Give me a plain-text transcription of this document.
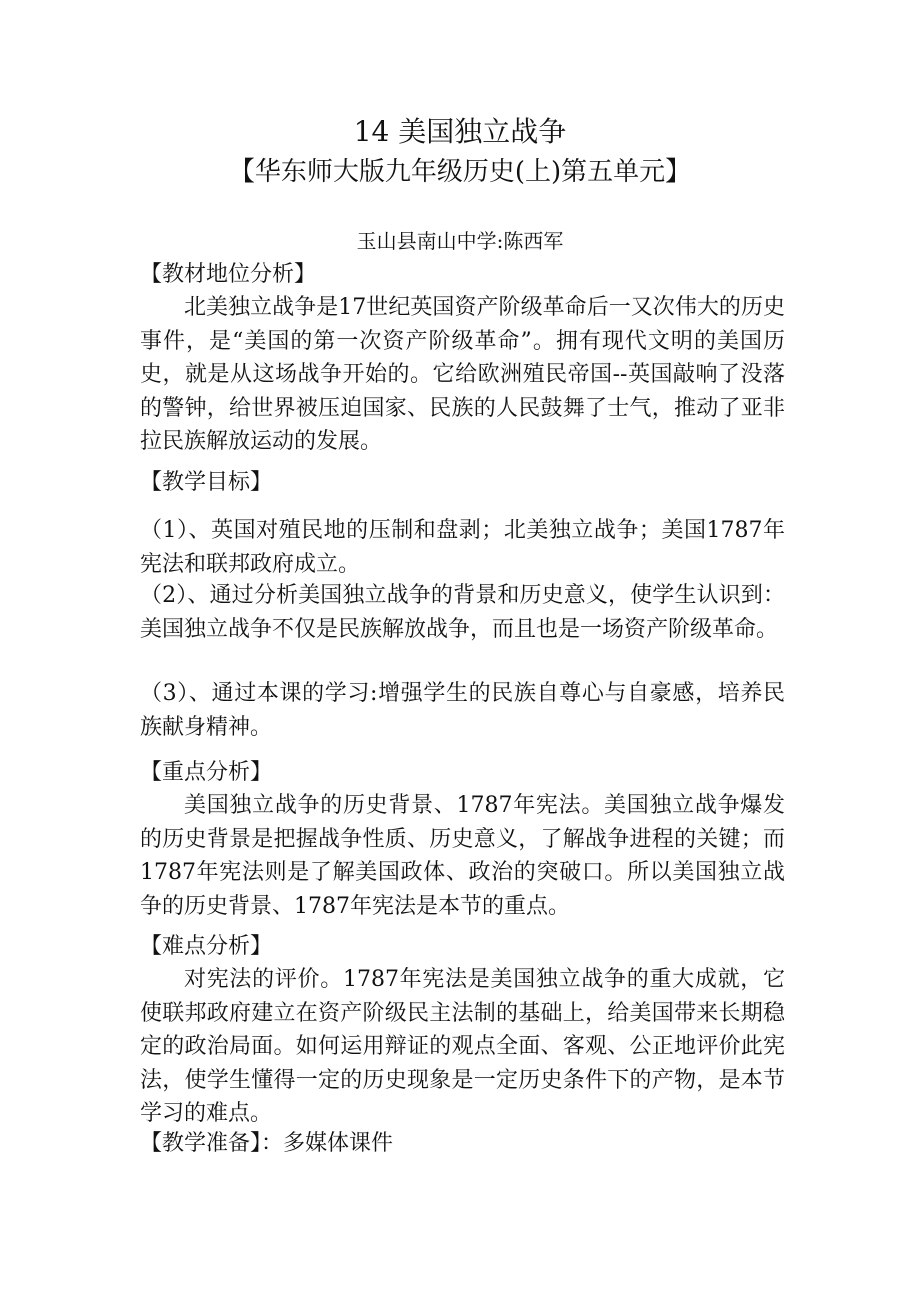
14 美国独立战争
【华东师大版九年级历史(上)第五单元】
玉山县南山中学:陈西军

【教材地位分析】

北美独立战争是17世纪英国资产阶级革命后一又次伟大的历史事件，是“美国的第一次资产阶级革命”。拥有现代文明的美国历史，就是从这场战争开始的。它给欧洲殖民帝国--英国敲响了没落的警钟，给世界被压迫国家、民族的人民鼓舞了士气，推动了亚非拉民族解放运动的发展。

【教学目标】

（1）、英国对殖民地的压制和盘剥；北美独立战争；美国1787年宪法和联邦政府成立。

（2）、通过分析美国独立战争的背景和历史意义，使学生认识到：美国独立战争不仅是民族解放战争，而且也是一场资产阶级革命。

（3）、通过本课的学习:增强学生的民族自尊心与自豪感，培养民族献身精神。

【重点分析】

美国独立战争的历史背景、1787年宪法。美国独立战争爆发的历史背景是把握战争性质、历史意义，了解战争进程的关键；而1787年宪法则是了解美国政体、政治的突破口。所以美国独立战争的历史背景、1787年宪法是本节的重点。

【难点分析】

对宪法的评价。1787年宪法是美国独立战争的重大成就，它使联邦政府建立在资产阶级民主法制的基础上，给美国带来长期稳定的政治局面。如何运用辩证的观点全面、客观、公正地评价此宪法，使学生懂得一定的历史现象是一定历史条件下的产物，是本节学习的难点。

【教学准备】：多媒体课件
